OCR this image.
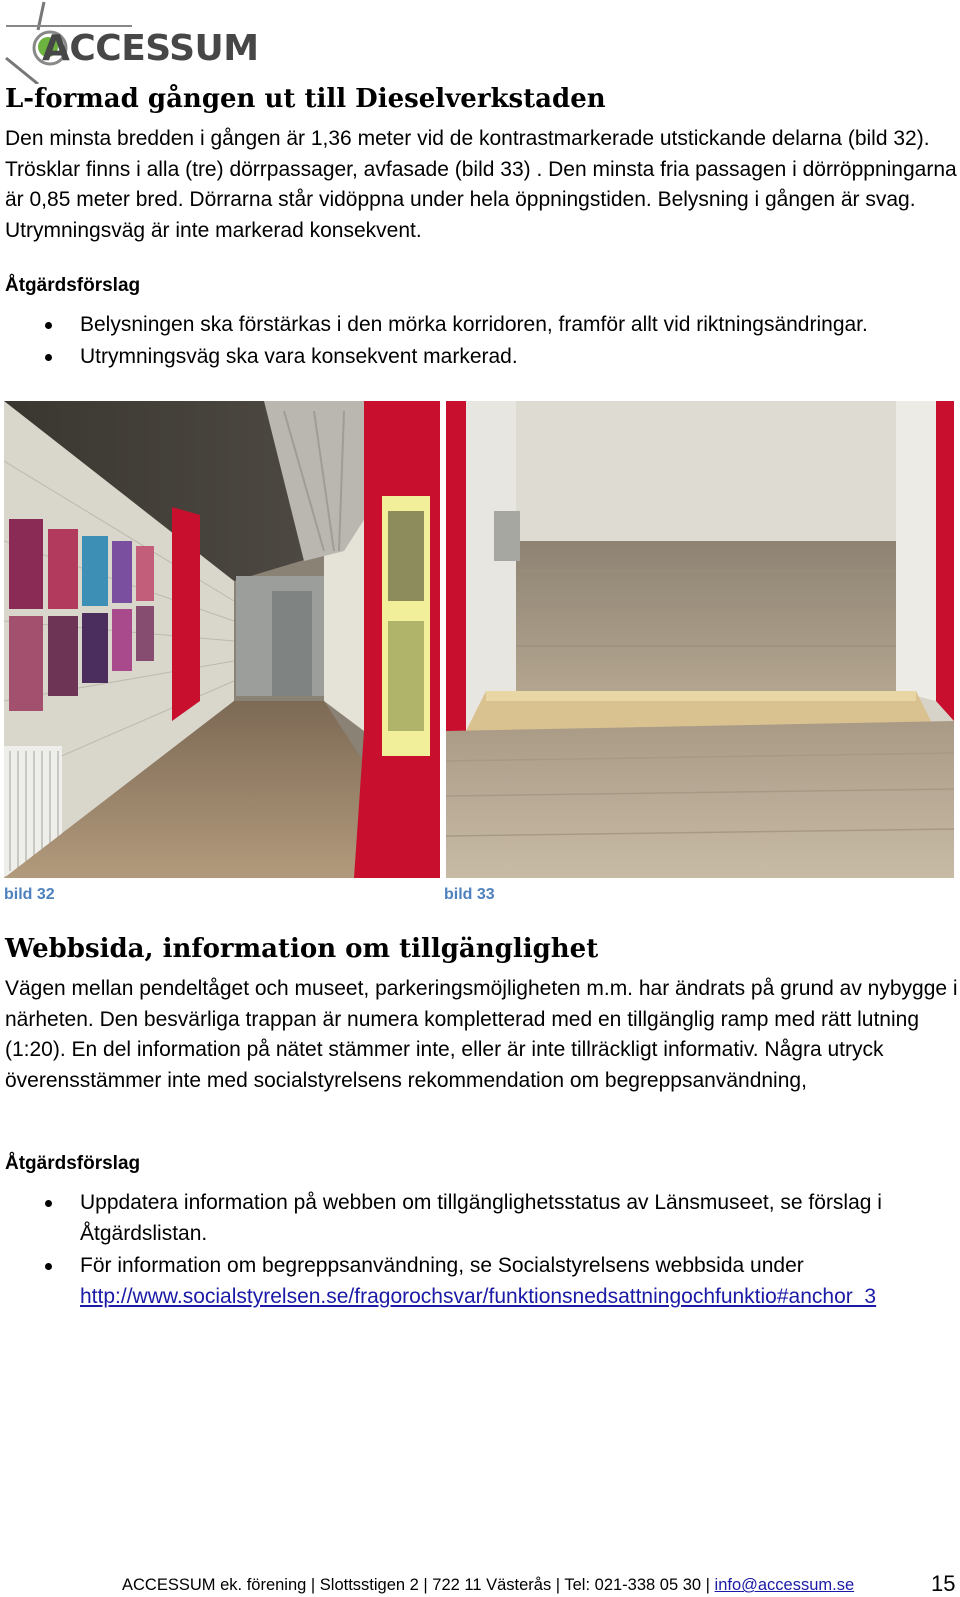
ACCESSUM
L-formad gången ut till Dieselverkstaden

Den minsta bredden i gången är 1,36 meter vid de kontrastmarkerade utstickande delarna (bild 32). Trösklar finns i alla (tre) dörrpassager, avfasade (bild 33) . Den minsta fria passagen i dörröppningarna är 0,85 meter bred. Dörrarna står vidöppna under hela öppningstiden. Belysning i gången är svag. Utrymningsväg är inte markerad konsekvent.

Åtgärdsförslag

Belysningen ska förstärkas i den mörka korridoren, framför allt vid riktningsändringar.
Utrymningsväg ska vara konsekvent markerad.
bild 32	bild 33
Webbsida, information om tillgänglighet

Vägen mellan pendeltåget och museet, parkeringsmöjligheten m.m. har ändrats på grund av nybygge i närheten. Den besvärliga trappan är numera kompletterad med en tillgänglig ramp med rätt lutning (1:20). En del information på nätet stämmer inte, eller är inte tillräckligt informativ. Några utryck överensstämmer inte med socialstyrelsens rekommendation om begreppsanvändning,

Åtgärdsförslag

Uppdatera information på webben om tillgänglighetsstatus av Länsmuseet, se förslag i Åtgärdslistan.
För information om begreppsanvändning, se Socialstyrelsens webbsida under
http://www.socialstyrelsen.se/fragorochsvar/funktionsnedsattningochfunktio#anchor_3
ACCESSUM ek. förening | Slottsstigen 2 | 722 11 Västerås | Tel: 021-338 05 30 | info@accessum.se	15
